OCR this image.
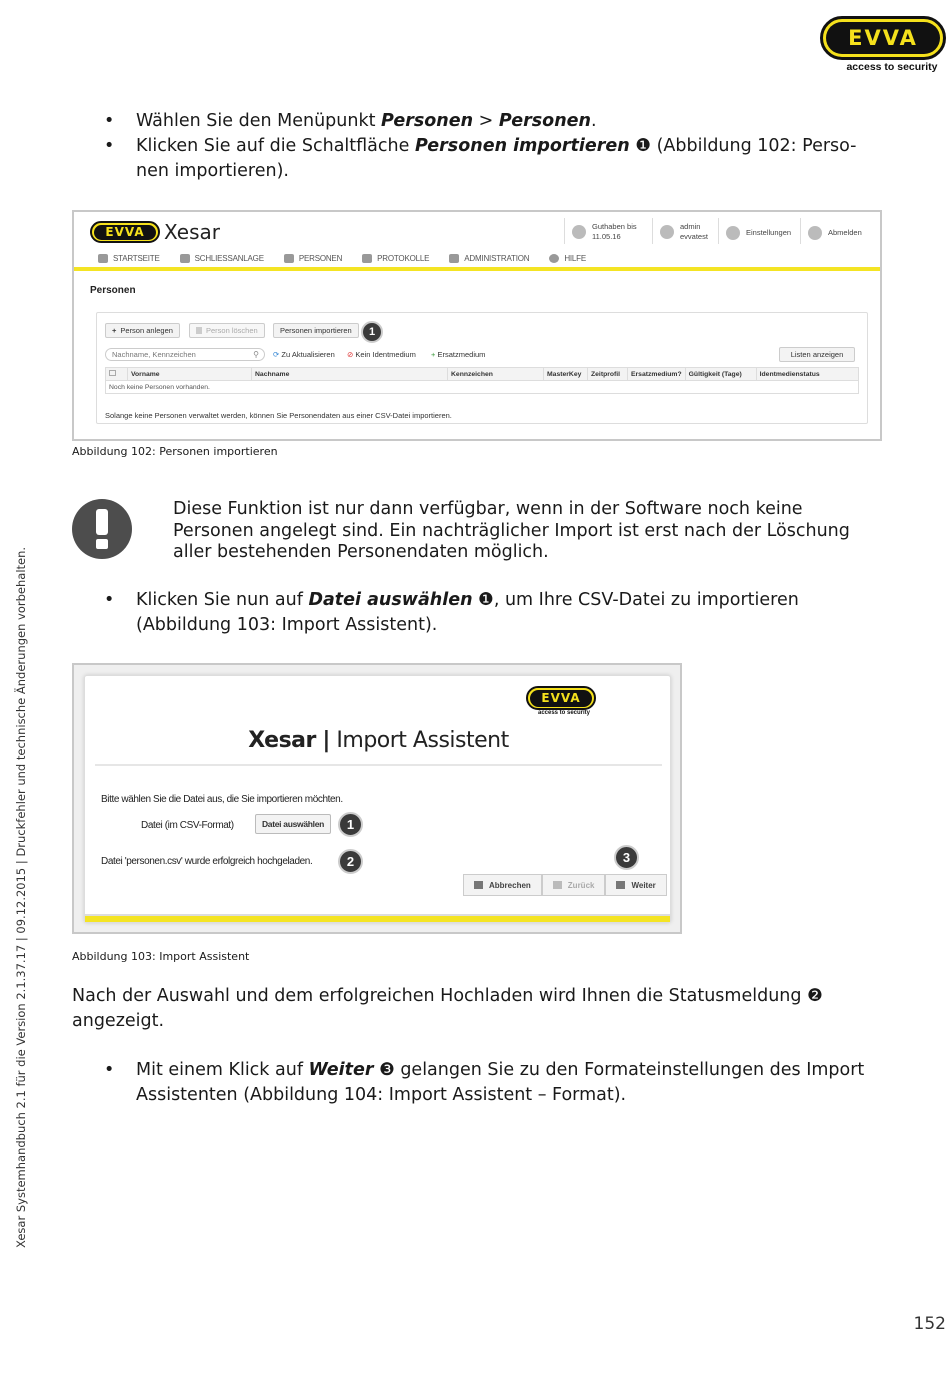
EVVA
access to security
• Wählen Sie den Menüpunkt Personen > Personen.
• Klicken Sie auf die Schaltfläche Personen importieren ❶ (Abbildung 102: Perso-nen importieren).
EVVA Xesar	Guthaben bis
11.05.16
admin
evvatest	Einstellungen	Abmelden
STARTSEITE	SCHLIESSANLAGE	PERSONEN	PROTOKOLLE	ADMINISTRATION	HILFE
Personen
+ Person anlegen	Person löschen	Personen importieren	1
Nachname, Kennzeichen	⚲ ⟳ Zu Aktualisieren ⊘ Kein Identmedium + Ersatzmedium	Listen anzeigen
	Vorname	Nachname	Kennzeichen	MasterKey	Zeitprofil	Ersatzmedium?	Gültigkeit (Tage)	Identmedienstatus
Noch keine Personen vorhanden.
Solange keine Personen verwaltet werden, können Sie Personendaten aus einer CSV-Datei importieren.
Abbildung 102: Personen importieren
Diese Funktion ist nur dann verfügbar, wenn in der Software noch keine Personen angelegt sind. Ein nachträglicher Import ist erst nach der Löschung aller bestehenden Personendaten möglich.
• Klicken Sie nun auf Datei auswählen ❶, um Ihre CSV-Datei zu importieren (Abbildung 103: Import Assistent).
EVVA
access to security
Xesar | Import Assistent
Bitte wählen Sie die Datei aus, die Sie importieren möchten.
Datei (im CSV-Format)	Datei auswählen	1
Datei 'personen.csv' wurde erfolgreich hochgeladen.	2	3
Abbrechen	Zurück	Weiter
Abbildung 103: Import Assistent
Nach der Auswahl und dem erfolgreichen Hochladen wird Ihnen die Statusmeldung ❷
angezeigt.
• Mit einem Klick auf Weiter ❸ gelangen Sie zu den Formateinstellungen des Import Assistenten (Abbildung 104: Import Assistent – Format).
Xesar Systemhandbuch 2.1 für die Version 2.1.37.17 | 09.12.2015 | Druckfehler und technische Änderungen vorbehalten.
152
